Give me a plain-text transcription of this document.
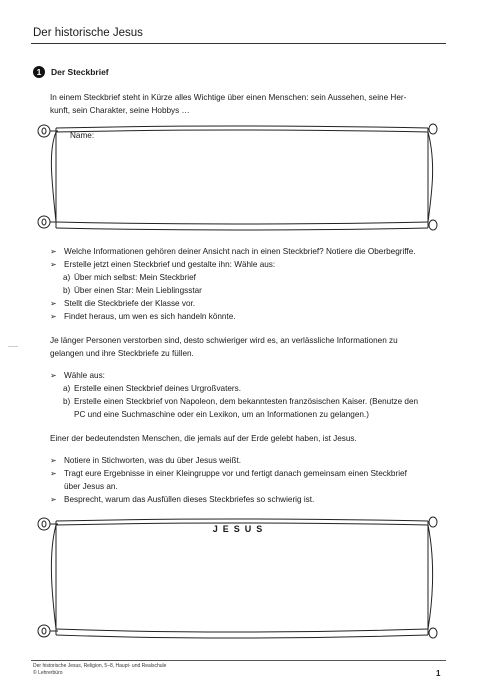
Der historische Jesus
1	Der Steckbrief
In einem Steckbrief steht in Kürze alles Wichtige über einen Menschen: sein Aussehen, seine Her-
kunft, sein Charakter, seine Hobbys …
Name:
➢ Welche Informationen gehören deiner Ansicht nach in einen Steckbrief? Notiere die Oberbegriffe.
➢ Erstelle jetzt einen Steckbrief und gestalte ihn: Wähle aus:
a) Über mich selbst: Mein Steckbrief
b) Über einen Star: Mein Lieblingsstar
➢ Stellt die Steckbriefe der Klasse vor.
➢ Findet heraus, um wen es sich handeln könnte.
Je länger Personen verstorben sind, desto schwieriger wird es, an verlässliche Informationen zu
gelangen und ihre Steckbriefe zu füllen.
➢ Wähle aus:
a) Erstelle einen Steckbrief deines Urgroßvaters.
b) Erstelle einen Steckbrief von Napoleon, dem bekanntesten französischen Kaiser. (Benutze den
PC und eine Suchmaschine oder ein Lexikon, um an Informationen zu gelangen.)
Einer der bedeutendsten Menschen, die jemals auf der Erde gelebt haben, ist Jesus.
➢ Notiere in Stichworten, was du über Jesus weißt.
➢ Tragt eure Ergebnisse in einer Kleingruppe vor und fertigt danach gemeinsam einen Steckbrief
über Jesus an.
➢ Besprecht, warum das Ausfüllen dieses Steckbriefes so schwierig ist.
JESUS
Der historische Jesus, Religion, 5–8, Haupt- und Realschule
© Lehrerbüro	1
